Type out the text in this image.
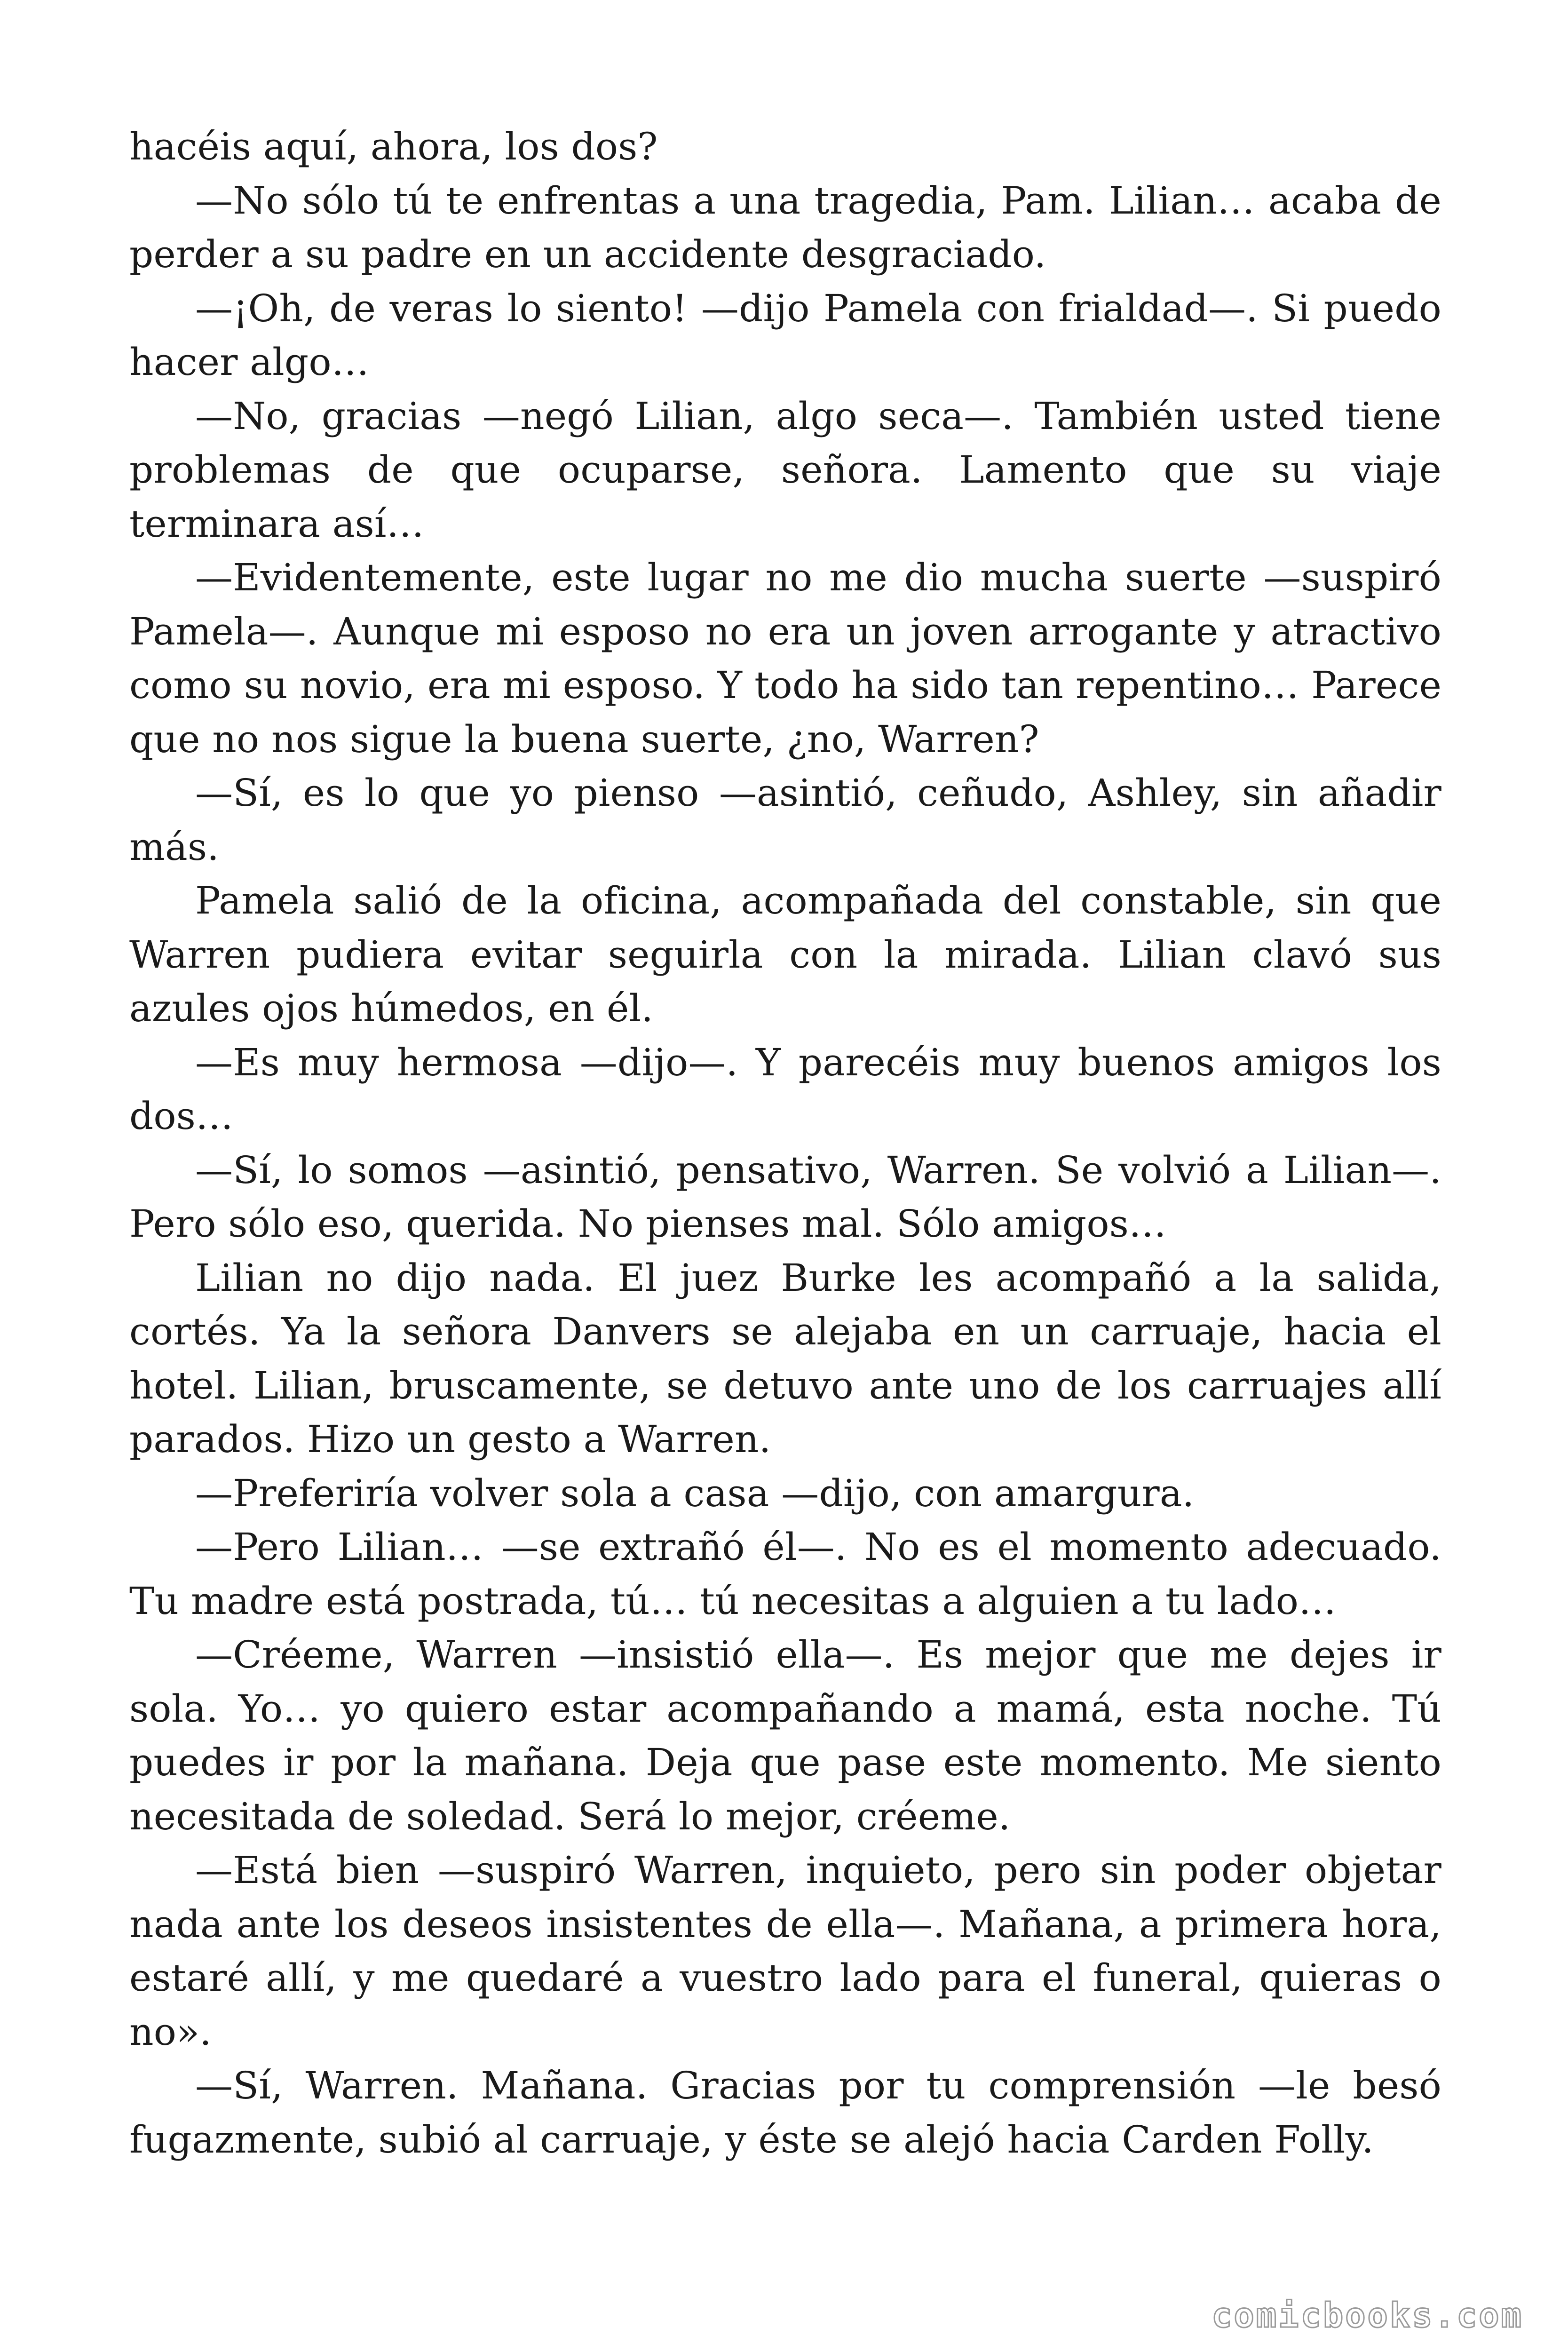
hacéis aquí, ahora, los dos?

—No sólo tú te enfrentas a una tragedia, Pam. Lilian… acaba de perder a su padre en un accidente desgraciado.

—¡Oh, de veras lo siento! —dijo Pamela con frialdad—. Si puedo hacer algo…

—No, gracias —negó Lilian, algo seca—. También usted tiene problemas de que ocuparse, señora. Lamento que su viaje terminara así…

—Evidentemente, este lugar no me dio mucha suerte —suspiró Pamela—. Aunque mi esposo no era un joven arrogante y atractivo como su novio, era mi esposo. Y todo ha sido tan repentino… Parece que no nos sigue la buena suerte, ¿no, Warren?

—Sí, es lo que yo pienso —asintió, ceñudo, Ashley, sin añadir más.

Pamela salió de la oficina, acompañada del constable, sin que Warren pudiera evitar seguirla con la mirada. Lilian clavó sus azules ojos húmedos, en él.

—Es muy hermosa —dijo—. Y parecéis muy buenos amigos los dos…

—Sí, lo somos —asintió, pensativo, Warren. Se volvió a Lilian—. Pero sólo eso, querida. No pienses mal. Sólo amigos…

Lilian no dijo nada. El juez Burke les acompañó a la salida, cortés. Ya la señora Danvers se alejaba en un carruaje, hacia el hotel. Lilian, bruscamente, se detuvo ante uno de los carruajes allí parados. Hizo un gesto a Warren.

—Preferiría volver sola a casa —dijo, con amargura.

—Pero Lilian… —se extrañó él—. No es el momento adecuado. Tu madre está postrada, tú… tú necesitas a alguien a tu lado…

—Créeme, Warren —insistió ella—. Es mejor que me dejes ir sola. Yo… yo quiero estar acompañando a mamá, esta noche. Tú puedes ir por la mañana. Deja que pase este momento. Me siento necesitada de soledad. Será lo mejor, créeme.

—Está bien —suspiró Warren, inquieto, pero sin poder objetar nada ante los deseos insistentes de ella—. Mañana, a primera hora, estaré allí, y me quedaré a vuestro lado para el funeral, quieras o no».

—Sí, Warren. Mañana. Gracias por tu comprensión —le besó fugazmente, subió al carruaje, y éste se alejó hacia Carden Folly.

comicbooks.com
